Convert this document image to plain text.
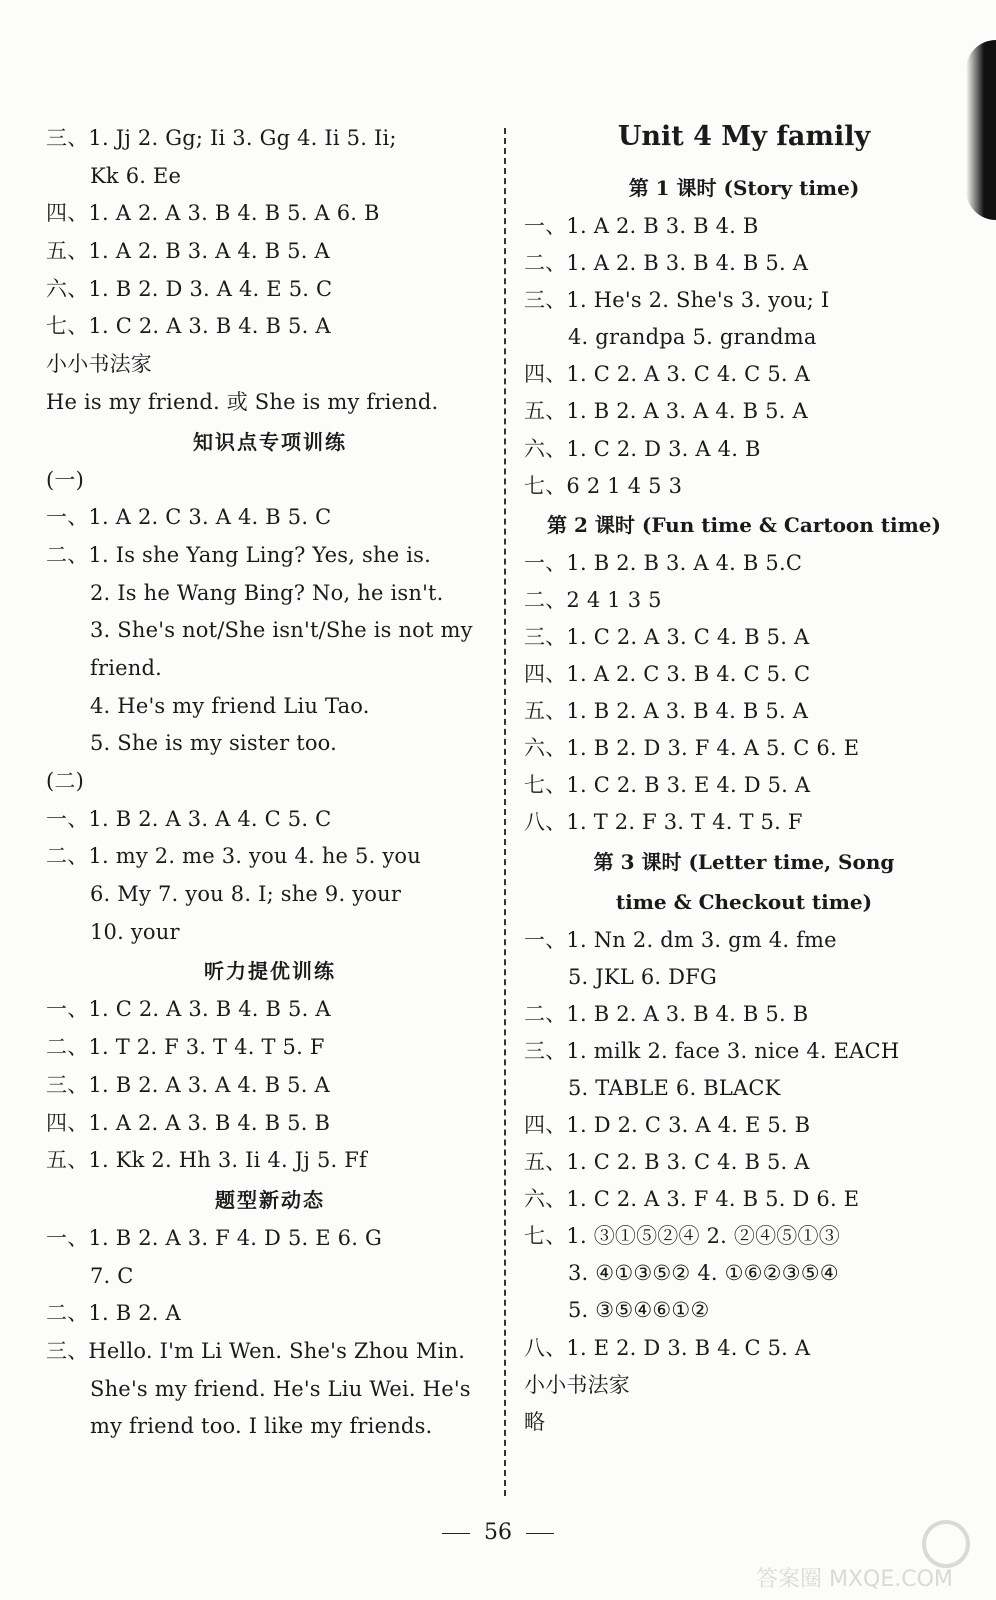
三、1. Jj 2. Gg; Ii 3. Gg 4. Ii 5. Ii;
Kk 6. Ee
四、1. A 2. A 3. B 4. B 5. A 6. B
五、1. A 2. B 3. A 4. B 5. A
六、1. B 2. D 3. A 4. E 5. C
七、1. C 2. A 3. B 4. B 5. A
小小书法家
He is my friend. 或 She is my friend.
知识点专项训练
(一)
一、1. A 2. C 3. A 4. B 5. C
二、1. Is she Yang Ling? Yes, she is.
2. Is he Wang Bing? No, he isn't.
3. She's not/She isn't/She is not my
friend.
4. He's my friend Liu Tao.
5. She is my sister too.
(二)
一、1. B 2. A 3. A 4. C 5. C
二、1. my 2. me 3. you 4. he 5. you
6. My 7. you 8. I; she 9. your
10. your
听力提优训练
一、1. C 2. A 3. B 4. B 5. A
二、1. T 2. F 3. T 4. T 5. F
三、1. B 2. A 3. A 4. B 5. A
四、1. A 2. A 3. B 4. B 5. B
五、1. Kk 2. Hh 3. Ii 4. Jj 5. Ff
题型新动态
一、1. B 2. A 3. F 4. D 5. E 6. G
7. C
二、1. B 2. A
三、Hello. I'm Li Wen. She's Zhou Min.
She's my friend. He's Liu Wei. He's
my friend too. I like my friends.
Unit 4 My family
第 1 课时 (Story time)
一、1. A 2. B 3. B 4. B
二、1. A 2. B 3. B 4. B 5. A
三、1. He's 2. She's 3. you; I
4. grandpa 5. grandma
四、1. C 2. A 3. C 4. C 5. A
五、1. B 2. A 3. A 4. B 5. A
六、1. C 2. D 3. A 4. B
七、6 2 1 4 5 3
第 2 课时 (Fun time & Cartoon time)
一、1. B 2. B 3. A 4. B 5.C
二、2 4 1 3 5
三、1. C 2. A 3. C 4. B 5. A
四、1. A 2. C 3. B 4. C 5. C
五、1. B 2. A 3. B 4. B 5. A
六、1. B 2. D 3. F 4. A 5. C 6. E
七、1. C 2. B 3. E 4. D 5. A
八、1. T 2. F 3. T 4. T 5. F
第 3 课时 (Letter time, Song
time & Checkout time)
一、1. Nn 2. dm 3. gm 4. fme
5. JKL 6. DFG
二、1. B 2. A 3. B 4. B 5. B
三、1. milk 2. face 3. nice 4. EACH
5. TABLE 6. BLACK
四、1. D 2. C 3. A 4. E 5. B
五、1. C 2. B 3. C 4. B 5. A
六、1. C 2. A 3. F 4. B 5. D 6. E
七、1. ③①⑤②④ 2. ②④⑤①③
3. ④①③⑤② 4. ①⑥②③⑤④
5. ③⑤④⑥①②
八、1. E 2. D 3. B 4. C 5. A
小小书法家
略
56
答案圈 MXQE.COM
